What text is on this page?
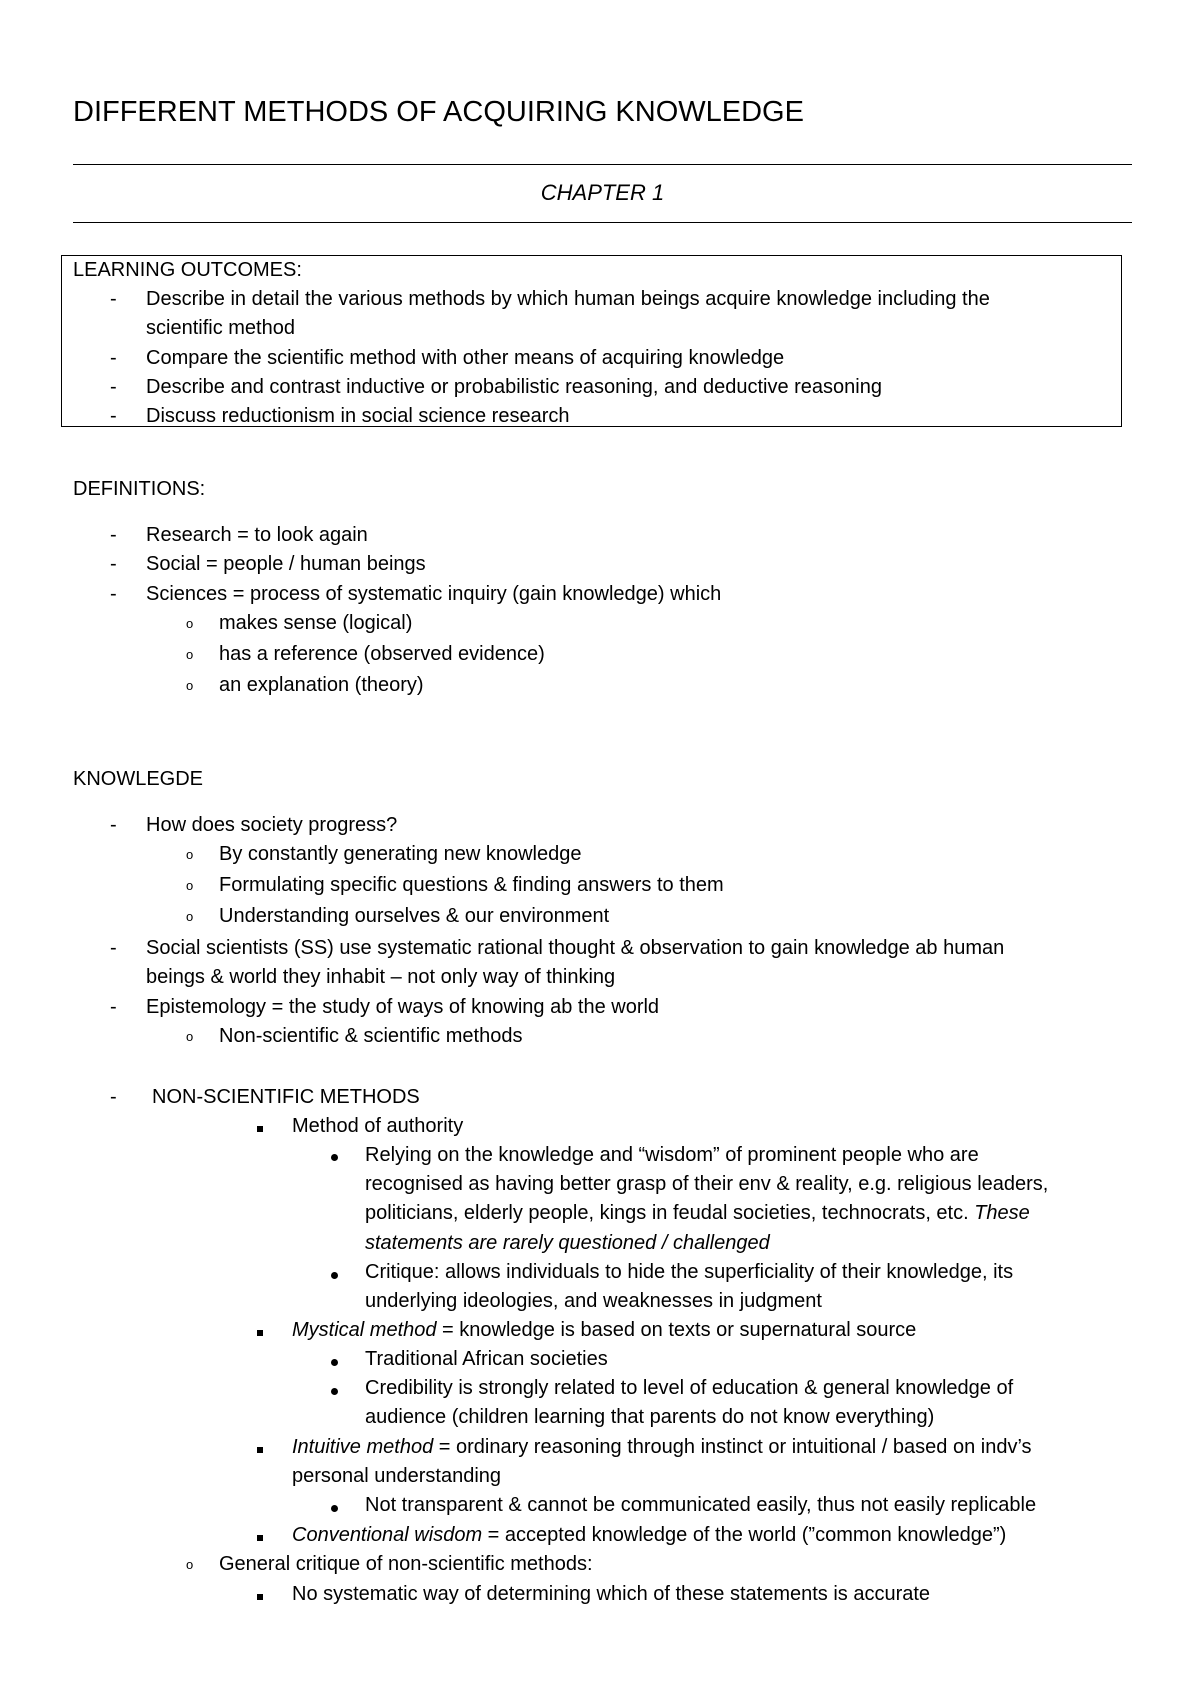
DIFFERENT METHODS OF ACQUIRING KNOWLEDGE
CHAPTER 1
LEARNING OUTCOMES:
- Describe in detail the various methods by which human beings acquire knowledge including the
scientific method
- Compare the scientific method with other means of acquiring knowledge
- Describe and contrast inductive or probabilistic reasoning, and deductive reasoning
- Discuss reductionism in social science research
DEFINITIONS:
- Research = to look again
- Social = people / human beings
- Sciences = process of systematic inquiry (gain knowledge) which
o makes sense (logical)
o has a reference (observed evidence)
o an explanation (theory)
KNOWLEGDE
- How does society progress?
o By constantly generating new knowledge
o Formulating specific questions & finding answers to them
o Understanding ourselves & our environment
- Social scientists (SS) use systematic rational thought & observation to gain knowledge ab human
beings & world they inhabit – not only way of thinking
- Epistemology = the study of ways of knowing ab the world
o Non-scientific & scientific methods
- NON-SCIENTIFIC METHODS
Method of authority
Relying on the knowledge and “wisdom” of prominent people who are
recognised as having better grasp of their env & reality, e.g. religious leaders,
politicians, elderly people, kings in feudal societies, technocrats, etc. These
statements are rarely questioned / challenged
Critique: allows individuals to hide the superficiality of their knowledge, its
underlying ideologies, and weaknesses in judgment
Mystical method = knowledge is based on texts or supernatural source
Traditional African societies
Credibility is strongly related to level of education & general knowledge of
audience (children learning that parents do not know everything)
Intuitive method = ordinary reasoning through instinct or intuitional / based on indv’s
personal understanding
Not transparent & cannot be communicated easily, thus not easily replicable
Conventional wisdom = accepted knowledge of the world (”common knowledge”)
o General critique of non-scientific methods:
No systematic way of determining which of these statements is accurate
